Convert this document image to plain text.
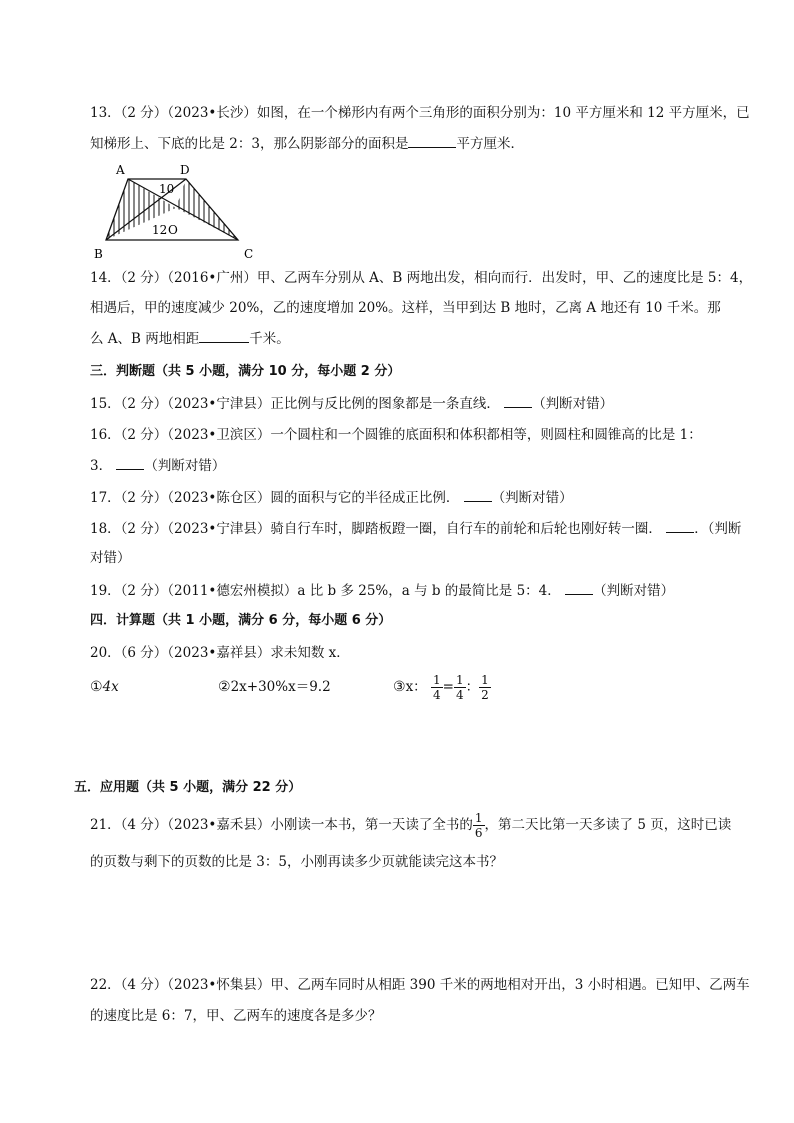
13．（2 分）（2023•长沙）如图，在一个梯形内有两个三角形的面积分别为：10 平方厘米和 12 平方厘米，已
知梯形上、下底的比是 2：3，那么阴影部分的面积是	平方厘米．
A	D
B	C
10
12 O
14．（2 分）（2016•广州）甲、乙两车分别从 A、B 两地出发，相向而行．出发时，甲、乙的速度比是 5：4，
相遇后，甲的速度减少 20%，乙的速度增加 20%。这样，当甲到达 B 地时，乙离 A 地还有 10 千米。那
么 A、B 两地相距	千米。
三．判断题（共 5 小题，满分 10 分，每小题 2 分）
15．（2 分）（2023•宁津县）正比例与反比例的图象都是一条直线． （判断对错）
16．（2 分）（2023•卫滨区）一个圆柱和一个圆锥的底面积和体积都相等，则圆柱和圆锥高的比是 1：
3． （判断对错）
17．（2 分）（2023•陈仓区）圆的面积与它的半径成正比例． （判断对错）
18．（2 分）（2023•宁津县）骑自行车时，脚踏板蹬一圈，自行车的前轮和后轮也刚好转一圈． ．（判断
对错）
19．（2 分）（2011•德宏州模拟）a 比 b 多 25%，a 与 b 的最简比是 5：4． （判断对错）
四．计算题（共 1 小题，满分 6 分，每小题 6 分）
20．（6 分）（2023•嘉祥县）求未知数 x．
①4x	②2x+30%x＝9.2	③x： $\frac{1}{4} = \frac{1}{4}$ ： $\frac{1}{2}$
五．应用题（共 5 小题，满分 22 分）
21．（4 分）（2023•嘉禾县）小刚读一本书，第一天读了全书的 $\frac{1}{6}$ ，第二天比第一天多读了 5 页，这时已读
的页数与剩下的页数的比是 3：5，小刚再读多少页就能读完这本书？
22．（4 分）（2023•怀集县）甲、乙两车同时从相距 390 千米的两地相对开出，3 小时相遇。已知甲、乙两车
的速度比是 6：7，甲、乙两车的速度各是多少？
